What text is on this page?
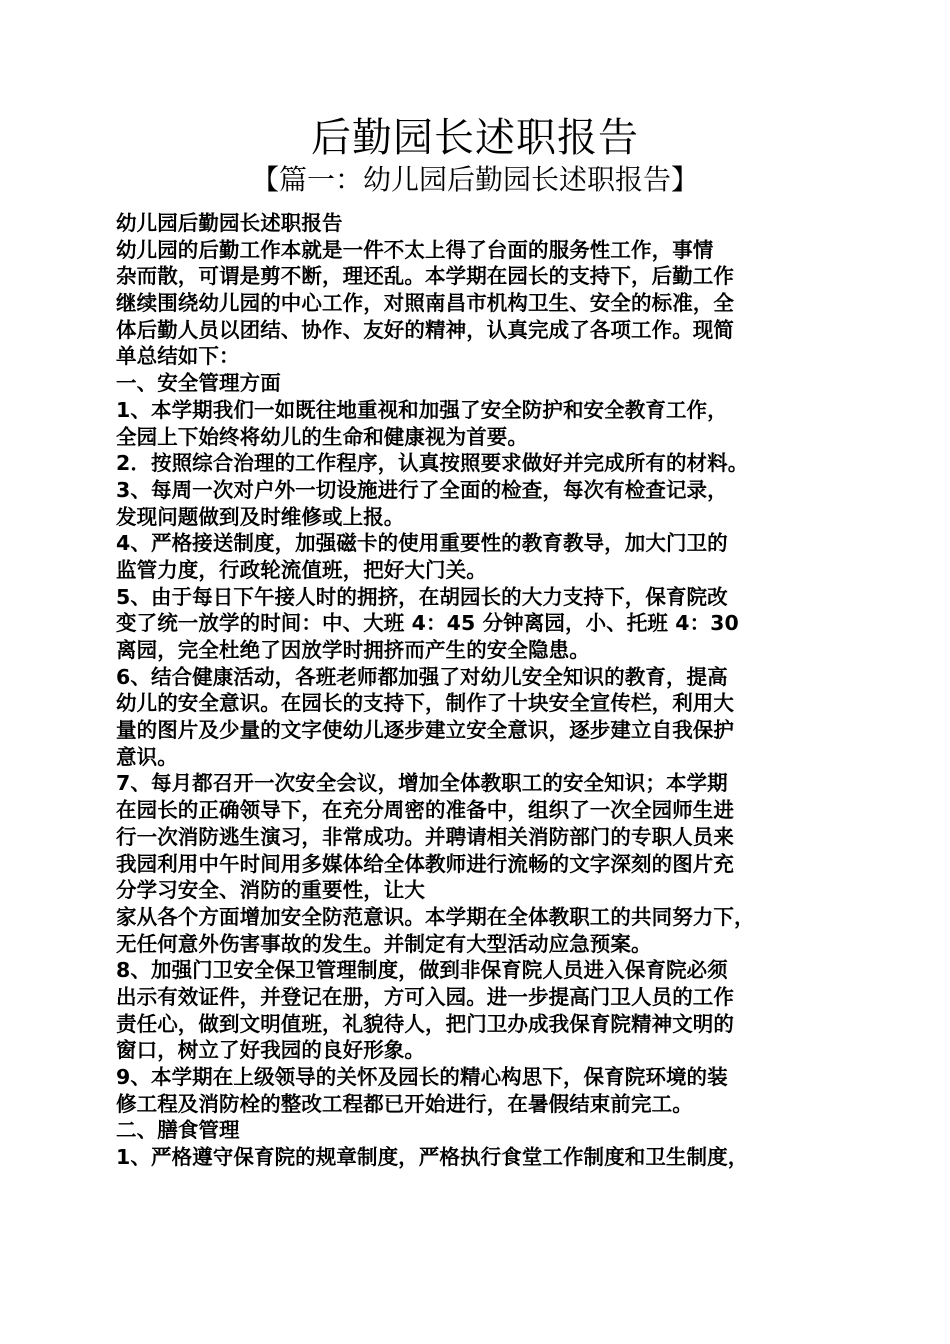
后勤园长述职报告
【篇一：幼儿园后勤园长述职报告】
幼儿园后勤园长述职报告
幼儿园的后勤工作本就是一件不太上得了台面的服务性工作，事情
杂而散，可谓是剪不断，理还乱。本学期在园长的支持下，后勤工作
继续围绕幼儿园的中心工作，对照南昌市机构卫生、安全的标准，全
体后勤人员以团结、协作、友好的精神，认真完成了各项工作。现简
单总结如下：
一、安全管理方面
1、本学期我们一如既往地重视和加强了安全防护和安全教育工作，
全园上下始终将幼儿的生命和健康视为首要。
2．按照综合治理的工作程序，认真按照要求做好并完成所有的材料。
3、每周一次对户外一切设施进行了全面的检查，每次有检查记录，
发现问题做到及时维修或上报。
4、严格接送制度，加强磁卡的使用重要性的教育教导，加大门卫的
监管力度，行政轮流值班，把好大门关。
5、由于每日下午接人时的拥挤，在胡园长的大力支持下，保育院改
变了统一放学的时间：中、大班 4：45 分钟离园，小、托班 4：30
离园，完全杜绝了因放学时拥挤而产生的安全隐患。
6、结合健康活动，各班老师都加强了对幼儿安全知识的教育，提高
幼儿的安全意识。在园长的支持下，制作了十块安全宣传栏，利用大
量的图片及少量的文字使幼儿逐步建立安全意识，逐步建立自我保护
意识。
7、每月都召开一次安全会议，增加全体教职工的安全知识；本学期
在园长的正确领导下，在充分周密的准备中，组织了一次全园师生进
行一次消防逃生演习，非常成功。并聘请相关消防部门的专职人员来
我园利用中午时间用多媒体给全体教师进行流畅的文字深刻的图片充
分学习安全、消防的重要性，让大
家从各个方面增加安全防范意识。本学期在全体教职工的共同努力下，
无任何意外伤害事故的发生。并制定有大型活动应急预案。
8、加强门卫安全保卫管理制度，做到非保育院人员进入保育院必须
出示有效证件，并登记在册，方可入园。进一步提高门卫人员的工作
责任心，做到文明值班，礼貌待人，把门卫办成我保育院精神文明的
窗口，树立了好我园的良好形象。
9、本学期在上级领导的关怀及园长的精心构思下，保育院环境的装
修工程及消防栓的整改工程都已开始进行，在暑假结束前完工。
二、膳食管理
1、严格遵守保育院的规章制度，严格执行食堂工作制度和卫生制度，
